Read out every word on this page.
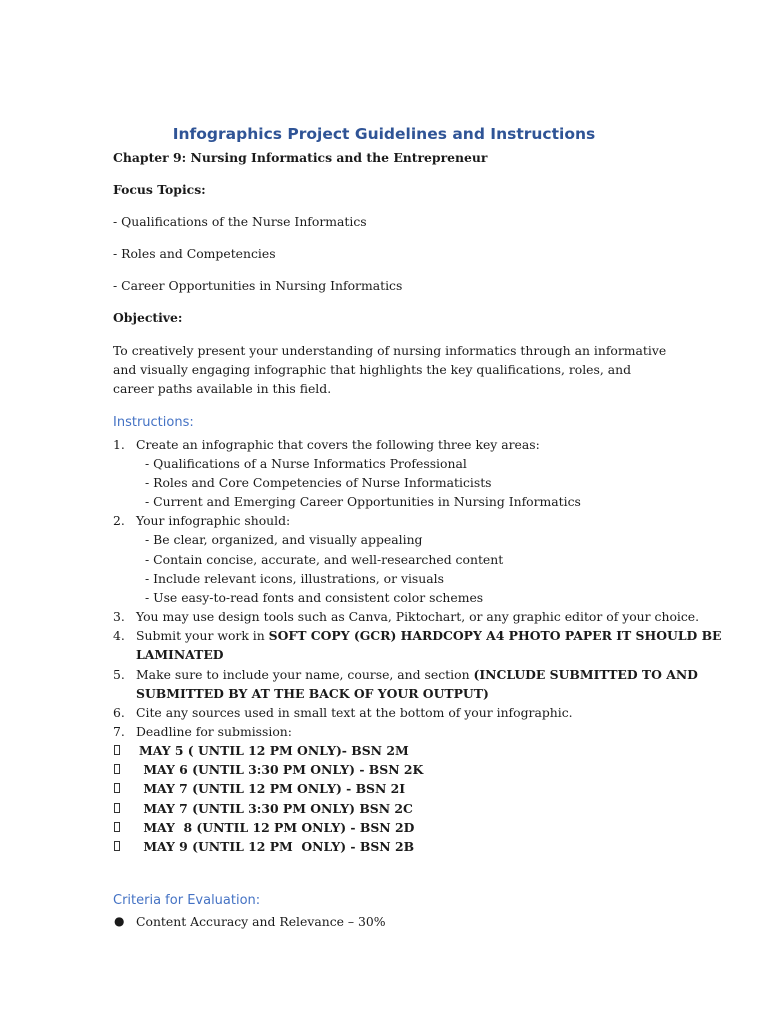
Infographics Project Guidelines and Instructions
Chapter 9: Nursing Informatics and the Entrepreneur
Focus Topics:
- Qualifications of the Nurse Informatics
- Roles and Competencies
- Career Opportunities in Nursing Informatics
Objective:
To creatively present your understanding of nursing informatics through an informative and visually engaging infographic that highlights the key qualifications, roles, and career paths available in this field.
Instructions:
1. Create an infographic that covers the following three key areas:
- Qualifications of a Nurse Informatics Professional
- Roles and Core Competencies of Nurse Informaticists
- Current and Emerging Career Opportunities in Nursing Informatics
2. Your infographic should:
- Be clear, organized, and visually appealing
- Contain concise, accurate, and well-researched content
- Include relevant icons, illustrations, or visuals
- Use easy-to-read fonts and consistent color schemes
3. You may use design tools such as Canva, Piktochart, or any graphic editor of your choice.
4. Submit your work in SOFT COPY (GCR) HARDCOPY A4 PHOTO PAPER IT SHOULD BE
LAMINATED
5. Make sure to include your name, course, and section (INCLUDE SUBMITTED TO AND
SUBMITTED BY AT THE BACK OF YOUR OUTPUT)
6. Cite any sources used in small text at the bottom of your infographic.
7. Deadline for submission:
MAY 5 ( UNTIL 12 PM ONLY)- BSN 2M
MAY 6 (UNTIL 3:30 PM ONLY) - BSN 2K
MAY 7 (UNTIL 12 PM ONLY) - BSN 2I
MAY 7 (UNTIL 3:30 PM ONLY) BSN 2C
MAY  8 (UNTIL 12 PM ONLY) - BSN 2D
MAY 9 (UNTIL 12 PM  ONLY) - BSN 2B
Criteria for Evaluation:
● Content Accuracy and Relevance – 30%
